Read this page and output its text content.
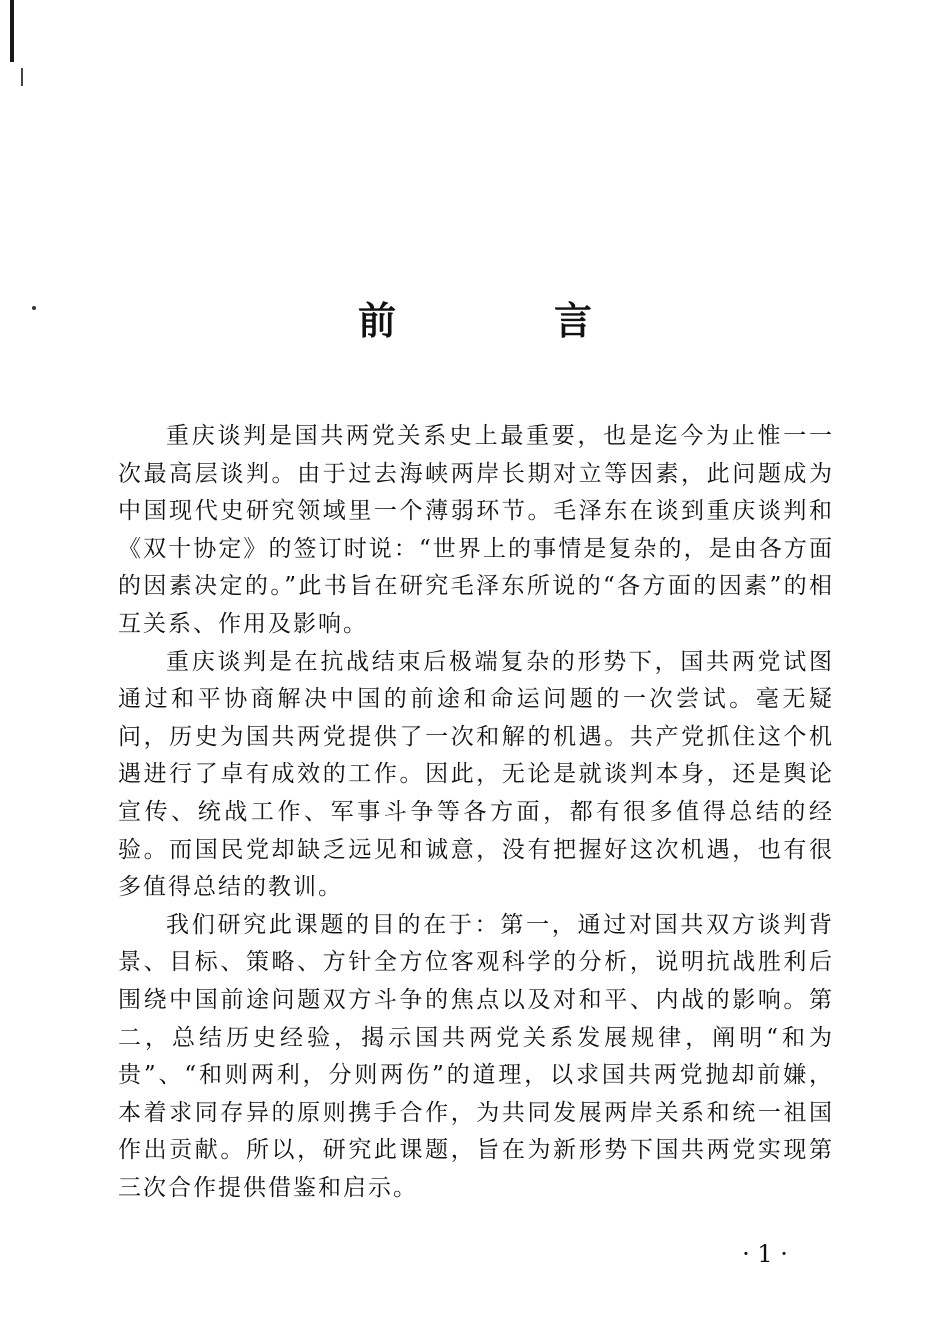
前　言

重庆谈判是国共两党关系史上最重要，也是迄今为止惟一一次最高层谈判。由于过去海峡两岸长期对立等因素，此问题成为中国现代史研究领域里一个薄弱环节。毛泽东在谈到重庆谈判和《双十协定》的签订时说：“世界上的事情是复杂的，是由各方面的因素决定的。”此书旨在研究毛泽东所说的“各方面的因素”的相互关系、作用及影响。

重庆谈判是在抗战结束后极端复杂的形势下，国共两党试图通过和平协商解决中国的前途和命运问题的一次尝试。毫无疑问，历史为国共两党提供了一次和解的机遇。共产党抓住这个机遇进行了卓有成效的工作。因此，无论是就谈判本身，还是舆论宣传、统战工作、军事斗争等各方面，都有很多值得总结的经验。而国民党却缺乏远见和诚意，没有把握好这次机遇，也有很多值得总结的教训。

我们研究此课题的目的在于：第一，通过对国共双方谈判背景、目标、策略、方针全方位客观科学的分析，说明抗战胜利后围绕中国前途问题双方斗争的焦点以及对和平、内战的影响。第二，总结历史经验，揭示国共两党关系发展规律，阐明“和为贵”、“和则两利，分则两伤”的道理，以求国共两党抛却前嫌，本着求同存异的原则携手合作，为共同发展两岸关系和统一祖国作出贡献。所以，研究此课题，旨在为新形势下国共两党实现第三次合作提供借鉴和启示。

· 1 ·
